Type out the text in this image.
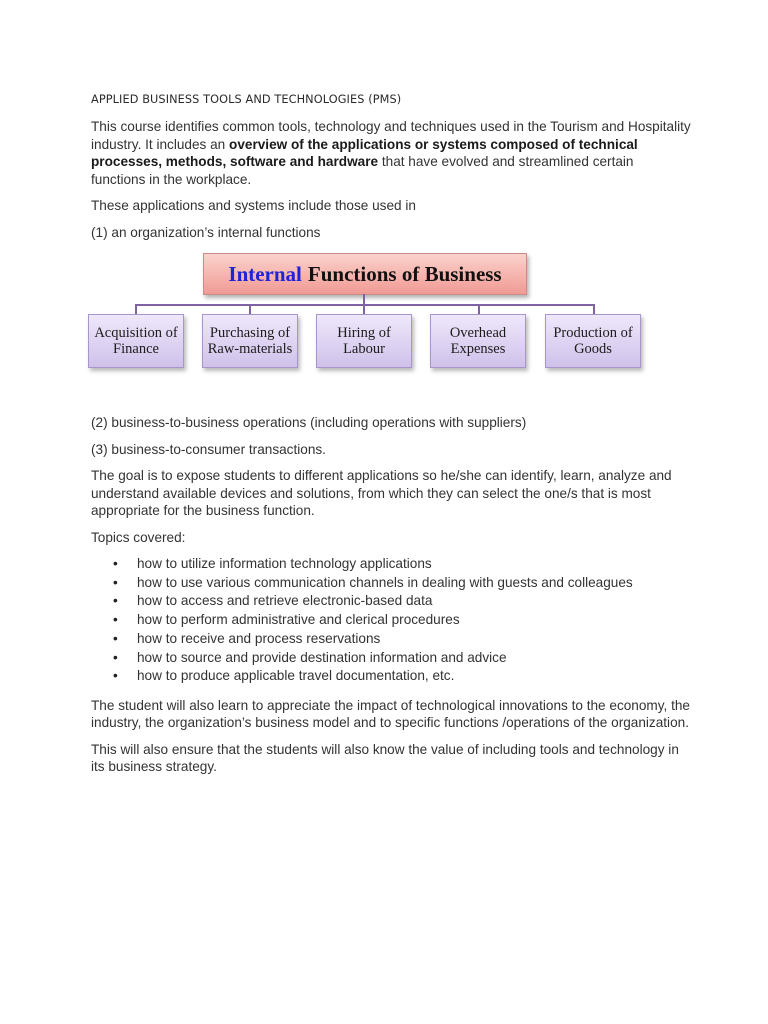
APPLIED BUSINESS TOOLS AND TECHNOLOGIES (PMS)

This course identifies common tools, technology and techniques used in the Tourism and Hospitality industry. It includes an overview of the applications or systems composed of technical processes, methods, software and hardware that have evolved and streamlined certain functions in the workplace.

These applications and systems include those used in

(1) an organization’s internal functions

Internal Functions of Business
Acquisition of
Finance
Purchasing of
Raw-materials
Hiring of
Labour
Overhead
Expenses
Production of
Goods

(2) business-to-business operations (including operations with suppliers)

(3) business-to-consumer transactions.

The goal is to expose students to different applications so he/she can identify, learn, analyze and understand available devices and solutions, from which they can select the one/s that is most appropriate for the business function.

Topics covered:

• how to utilize information technology applications
• how to use various communication channels in dealing with guests and colleagues
• how to access and retrieve electronic-based data
• how to perform administrative and clerical procedures
• how to receive and process reservations
• how to source and provide destination information and advice
• how to produce applicable travel documentation, etc.

The student will also learn to appreciate the impact of technological innovations to the economy, the industry, the organization’s business model and to specific functions /operations of the organization.

This will also ensure that the students will also know the value of including tools and technology in its business strategy.
